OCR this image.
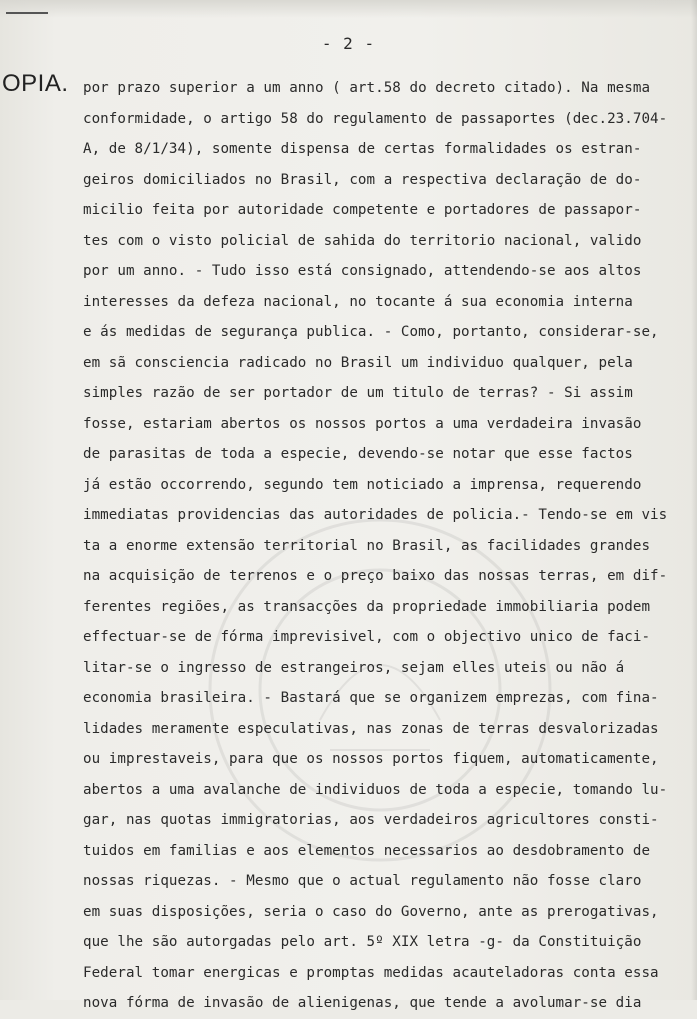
- 2 -
OPIA. por prazo superior a um anno ( art.58 do decreto citado). Na mesma
conformidade, o artigo 58 do regulamento de passaportes (dec.23.704-
A, de 8/1/34), somente dispensa de certas formalidades os estran-
geiros domiciliados no Brasil, com a respectiva declaração de do-
micilio feita por autoridade competente e portadores de passapor-
tes com o visto policial de sahida do territorio nacional, valido
por um anno. - Tudo isso está consignado, attendendo-se aos altos
interesses da defeza nacional, no tocante á sua economia interna
e ás medidas de segurança publica. - Como, portanto, considerar-se,
em sã consciencia radicado no Brasil um individuo qualquer, pela
simples razão de ser portador de um titulo de terras? - Si assim
fosse, estariam abertos os nossos portos a uma verdadeira invasão
de parasitas de toda a especie, devendo-se notar que esse factos
já estão occorrendo, segundo tem noticiado a imprensa, requerendo
immediatas providencias das autoridades de policia.- Tendo-se em vis
ta a enorme extensão territorial no Brasil, as facilidades grandes
na acquisição de terrenos e o preço baixo das nossas terras, em dif-
ferentes regiões, as transacções da propriedade immobiliaria podem
effectuar-se de fórma imprevisivel, com o objectivo unico de faci-
litar-se o ingresso de estrangeiros, sejam elles uteis ou não á
economia brasileira. - Bastará que se organizem emprezas, com fina-
lidades meramente especulativas, nas zonas de terras desvalorizadas
ou imprestaveis, para que os nossos portos fiquem, automaticamente,
abertos a uma avalanche de individuos de toda a especie, tomando lu-
gar, nas quotas immigratorias, aos verdadeiros agricultores consti-
tuidos em familias e aos elementos necessarios ao desdobramento de
nossas riquezas. - Mesmo que o actual regulamento não fosse claro
em suas disposições, seria o caso do Governo, ante as prerogativas,
que lhe são autorgadas pelo art. 5º XIX letra -g- da Constituição
Federal tomar energicas e promptas medidas acauteladoras conta essa
nova fórma de invasão de alienigenas, que tende a avolumar-se dia
